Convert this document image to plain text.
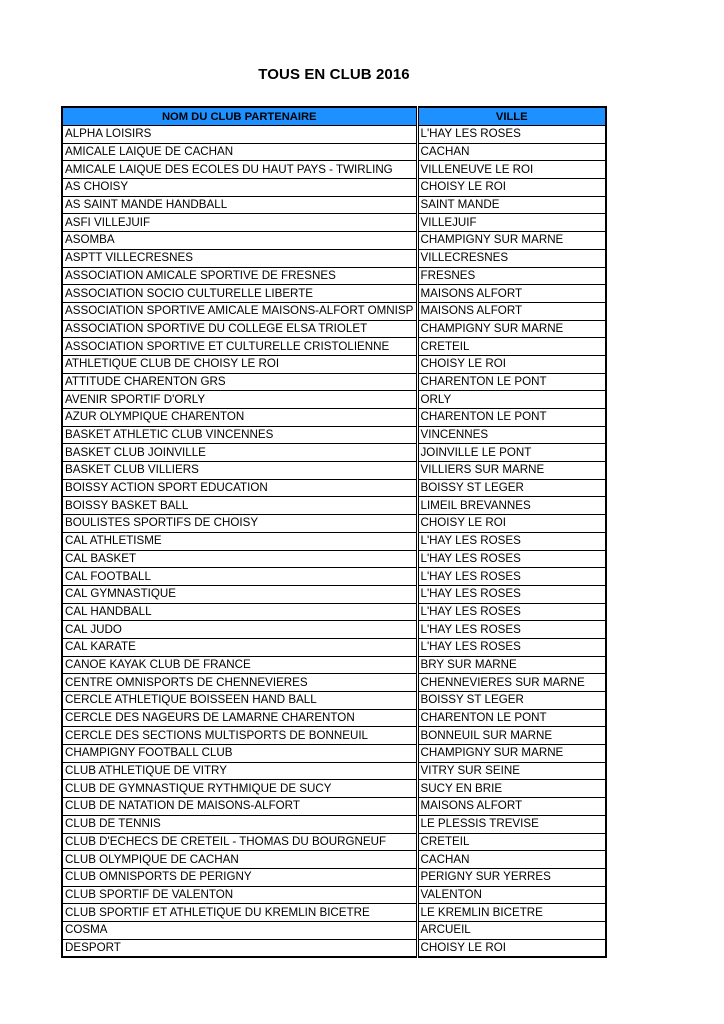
TOUS EN CLUB 2016
NOM DU CLUB PARTENAIRE	VILLE
ALPHA LOISIRS	L'HAY LES ROSES
AMICALE LAIQUE DE CACHAN	CACHAN
AMICALE LAIQUE DES ECOLES DU HAUT PAYS - TWIRLING	VILLENEUVE LE ROI
AS CHOISY	CHOISY LE ROI
AS SAINT MANDE HANDBALL	SAINT MANDE
ASFI VILLEJUIF	VILLEJUIF
ASOMBA	CHAMPIGNY SUR MARNE
ASPTT VILLECRESNES	VILLECRESNES
ASSOCIATION AMICALE SPORTIVE DE FRESNES	FRESNES
ASSOCIATION SOCIO CULTURELLE LIBERTE	MAISONS ALFORT
ASSOCIATION SPORTIVE AMICALE MAISONS-ALFORT OMNISP	MAISONS ALFORT
ASSOCIATION SPORTIVE DU COLLEGE ELSA TRIOLET	CHAMPIGNY SUR MARNE
ASSOCIATION SPORTIVE ET CULTURELLE CRISTOLIENNE	CRETEIL
ATHLETIQUE CLUB DE CHOISY LE ROI	CHOISY LE ROI
ATTITUDE CHARENTON GRS	CHARENTON LE PONT
AVENIR SPORTIF D'ORLY	ORLY
AZUR OLYMPIQUE CHARENTON	CHARENTON LE PONT
BASKET ATHLETIC CLUB VINCENNES	VINCENNES
BASKET CLUB JOINVILLE	JOINVILLE LE PONT
BASKET CLUB VILLIERS	VILLIERS SUR MARNE
BOISSY ACTION SPORT EDUCATION	BOISSY ST LEGER
BOISSY BASKET BALL	LIMEIL BREVANNES
BOULISTES SPORTIFS DE CHOISY	CHOISY LE ROI
CAL ATHLETISME	L'HAY LES ROSES
CAL BASKET	L'HAY LES ROSES
CAL FOOTBALL	L'HAY LES ROSES
CAL GYMNASTIQUE	L'HAY LES ROSES
CAL HANDBALL	L'HAY LES ROSES
CAL JUDO	L'HAY LES ROSES
CAL KARATE	L'HAY LES ROSES
CANOE KAYAK CLUB DE FRANCE	BRY SUR MARNE
CENTRE OMNISPORTS DE CHENNEVIERES	CHENNEVIERES SUR MARNE
CERCLE ATHLETIQUE BOISSEEN HAND BALL	BOISSY ST LEGER
CERCLE DES NAGEURS DE LAMARNE CHARENTON	CHARENTON LE PONT
CERCLE DES SECTIONS MULTISPORTS DE BONNEUIL	BONNEUIL SUR MARNE
CHAMPIGNY FOOTBALL CLUB	CHAMPIGNY SUR MARNE
CLUB ATHLETIQUE DE VITRY	VITRY SUR SEINE
CLUB DE GYMNASTIQUE RYTHMIQUE DE SUCY	SUCY EN BRIE
CLUB DE NATATION DE MAISONS-ALFORT	MAISONS ALFORT
CLUB DE TENNIS	LE PLESSIS TREVISE
CLUB D'ECHECS DE CRETEIL - THOMAS DU BOURGNEUF	CRETEIL
CLUB OLYMPIQUE DE CACHAN	CACHAN
CLUB OMNISPORTS DE PERIGNY	PERIGNY SUR YERRES
CLUB SPORTIF DE VALENTON	VALENTON
CLUB SPORTIF ET ATHLETIQUE DU KREMLIN BICETRE	LE KREMLIN BICETRE
COSMA	ARCUEIL
DESPORT	CHOISY LE ROI
